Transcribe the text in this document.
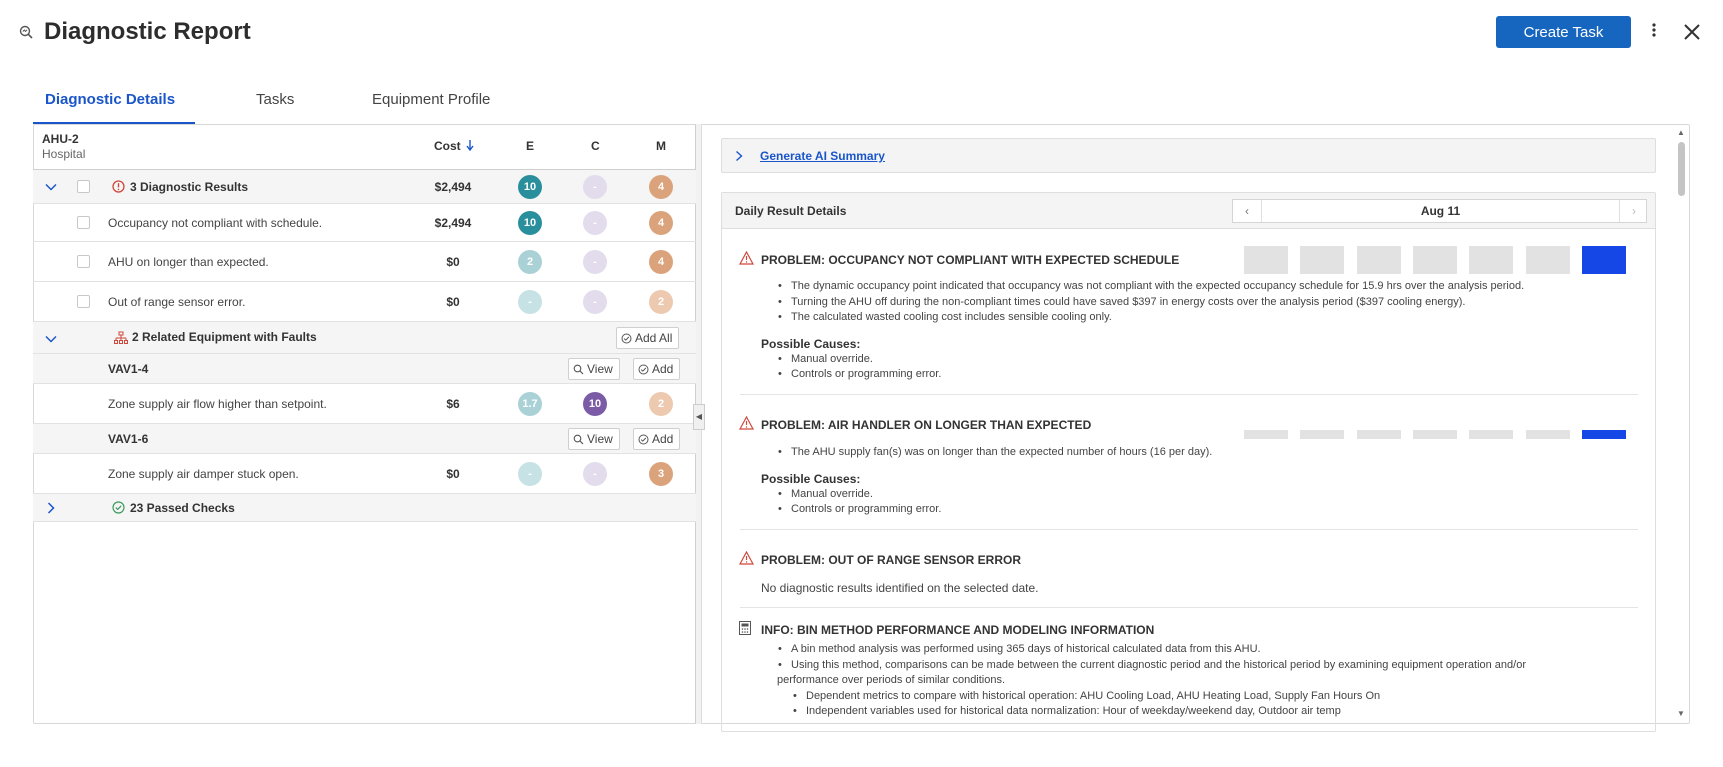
Diagnostic Report	Create Task
Diagnostic Details	Tasks	Equipment Profile
AHU-2
Hospital
Cost	E	C	M
3 Diagnostic Results	$2,494	10	-	4
Occupancy not compliant with schedule.	$2,494	10	-	4
AHU on longer than expected.	$0	2	-	4
Out of range sensor error.	$0	-	-	2
2 Related Equipment with Faults	Add All
VAV1-4	View	Add
Zone supply air flow higher than setpoint.	$6	1.7	10	2
VAV1-6	View	Add
Zone supply air damper stuck open.	$0	-	-	3
23 Passed Checks
◀
Generate AI Summary
Daily Result Details	‹	Aug 11	›
PROBLEM: OCCUPANCY NOT COMPLIANT WITH EXPECTED SCHEDULE
• The dynamic occupancy point indicated that occupancy was not compliant with the expected occupancy schedule for 15.9 hrs over the analysis period.
• Turning the AHU off during the non-compliant times could have saved $397 in energy costs over the analysis period ($397 cooling energy).
• The calculated wasted cooling cost includes sensible cooling only.
Possible Causes:
• Manual override.
• Controls or programming error.
PROBLEM: AIR HANDLER ON LONGER THAN EXPECTED
• The AHU supply fan(s) was on longer than the expected number of hours (16 per day).
Possible Causes:
• Manual override.
• Controls or programming error.
PROBLEM: OUT OF RANGE SENSOR ERROR
No diagnostic results identified on the selected date.
INFO: BIN METHOD PERFORMANCE AND MODELING INFORMATION
• A bin method analysis was performed using 365 days of historical calculated data from this AHU.
• Using this method, comparisons can be made between the current diagnostic period and the historical period by examining equipment operation and/or
performance over periods of similar conditions.
• Dependent metrics to compare with historical operation: AHU Cooling Load, AHU Heating Load, Supply Fan Hours On
• Independent variables used for historical data normalization: Hour of weekday/weekend day, Outdoor air temp
▲
▼
